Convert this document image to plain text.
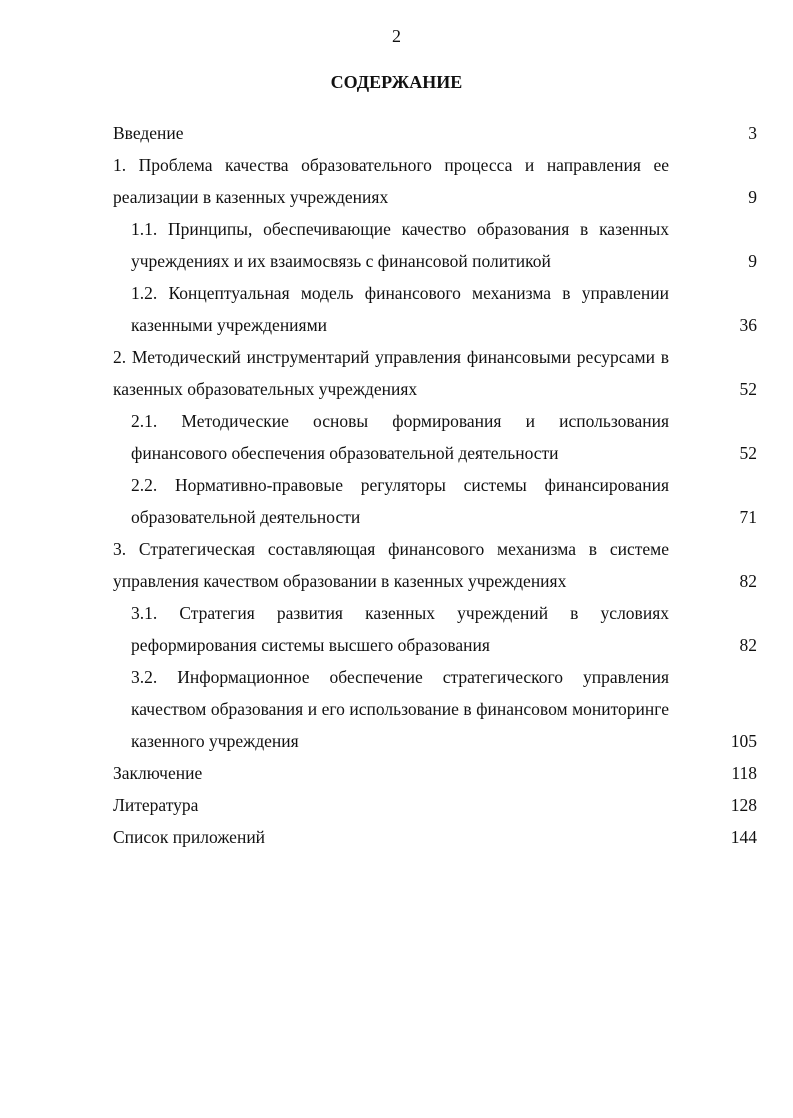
2
СОДЕРЖАНИЕ
Введение	3
1. Проблема качества образовательного процесса и направления ее реализации в казенных учреждениях	9
1.1. Принципы, обеспечивающие качество образования в казенных учреждениях и их взаимосвязь с финансовой политикой	9
1.2. Концептуальная модель финансового механизма в управлении казенными учреждениями	36
2. Методический инструментарий управления финансовыми ресурсами в казенных образовательных учреждениях	52
2.1. Методические основы формирования и использования финансового обеспечения образовательной деятельности	52
2.2. Нормативно-правовые регуляторы системы финансирования образовательной деятельности	71
3. Стратегическая составляющая финансового механизма в системе управления качеством образовании в казенных учреждениях	82
3.1. Стратегия развития казенных учреждений в условиях реформирования системы высшего образования	82
3.2. Информационное обеспечение стратегического управления качеством образования и его использование в финансовом мониторинге казенного учреждения	105
Заключение	118
Литература	128
Список приложений	144
